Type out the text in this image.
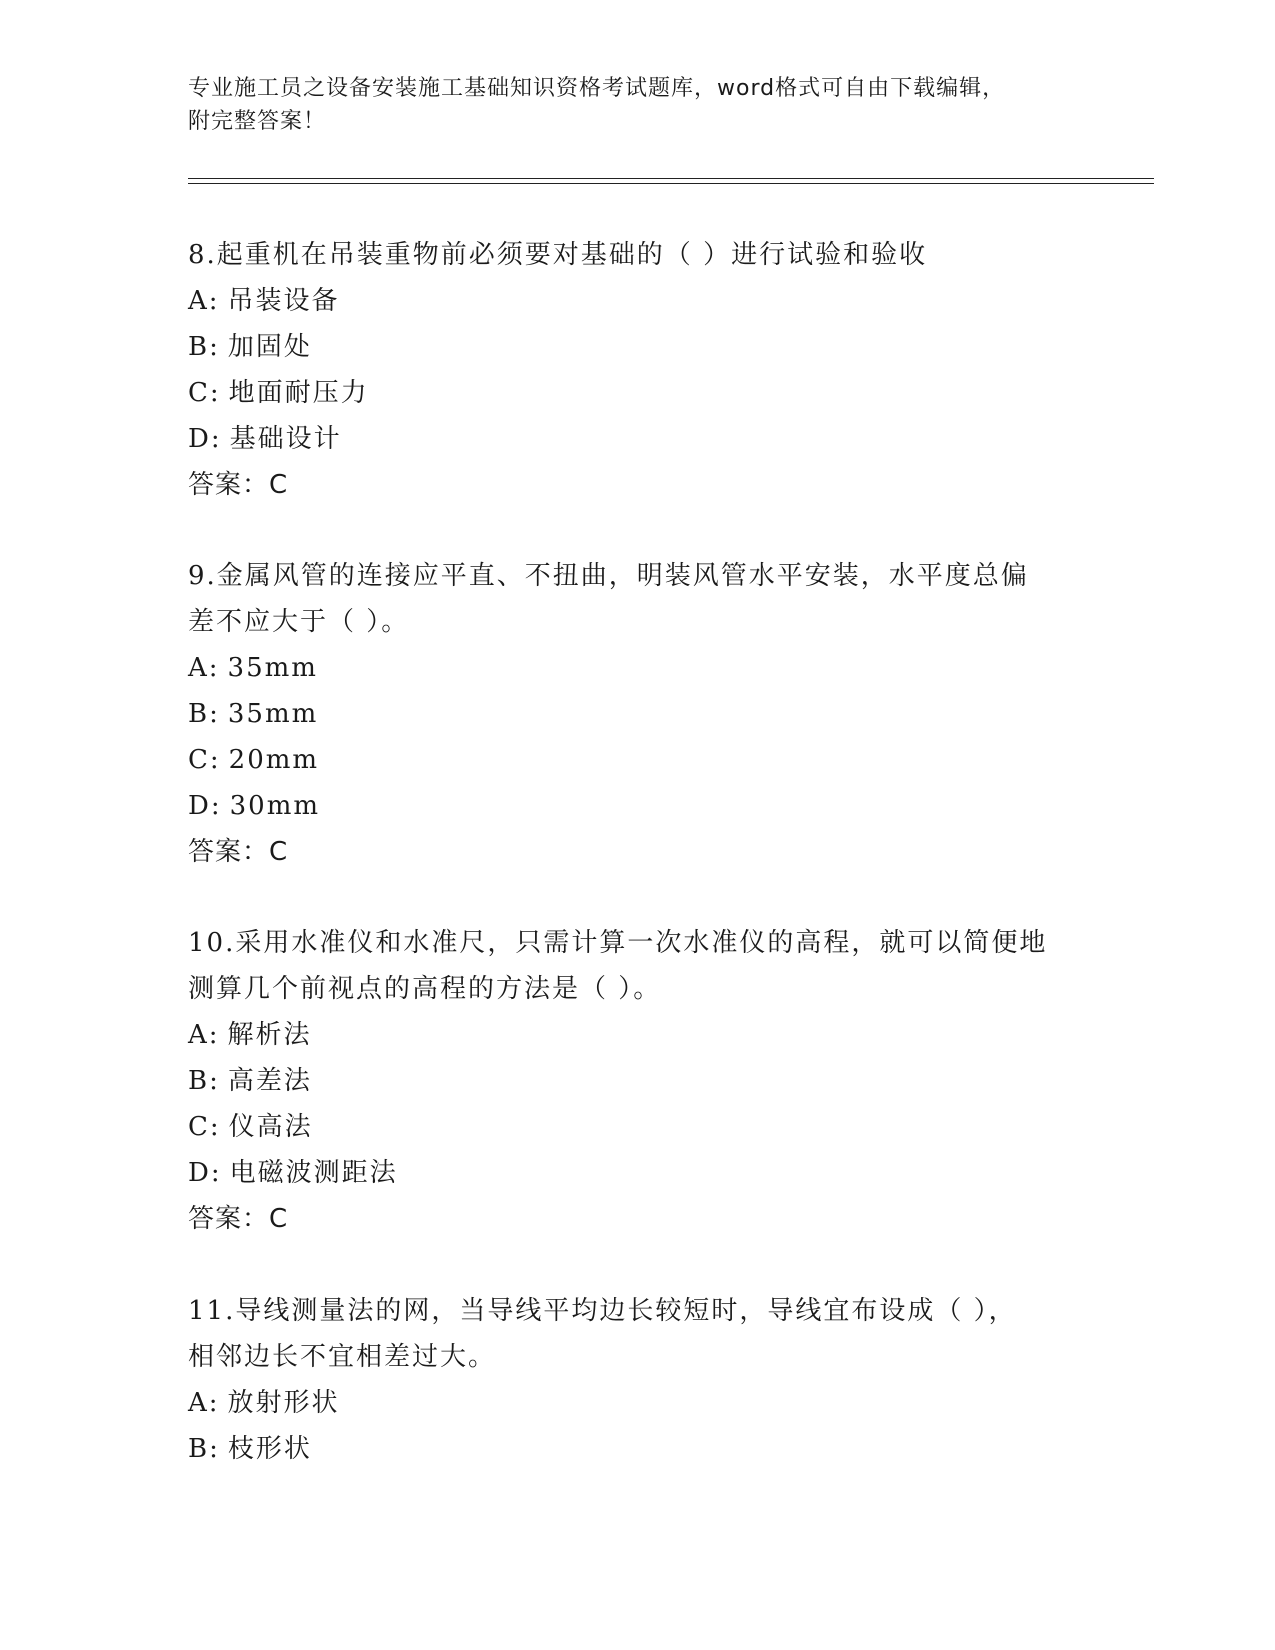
专业施工员之设备安装施工基础知识资格考试题库，word格式可自由下载编辑，
附完整答案！
8.起重机在吊装重物前必须要对基础的（ ）进行试验和验收
A: 吊装设备
B: 加固处
C: 地面耐压力
D: 基础设计
答案：C
9.金属风管的连接应平直、不扭曲，明装风管水平安装，水平度总偏
差不应大于（ ）。
A: 35mm
B: 35mm
C: 20mm
D: 30mm
答案：C
10.采用水准仪和水准尺，只需计算一次水准仪的高程，就可以简便地
测算几个前视点的高程的方法是（ ）。
A: 解析法
B: 高差法
C: 仪高法
D: 电磁波测距法
答案：C
11.导线测量法的网，当导线平均边长较短时，导线宜布设成（ ），
相邻边长不宜相差过大。
A: 放射形状
B: 枝形状
